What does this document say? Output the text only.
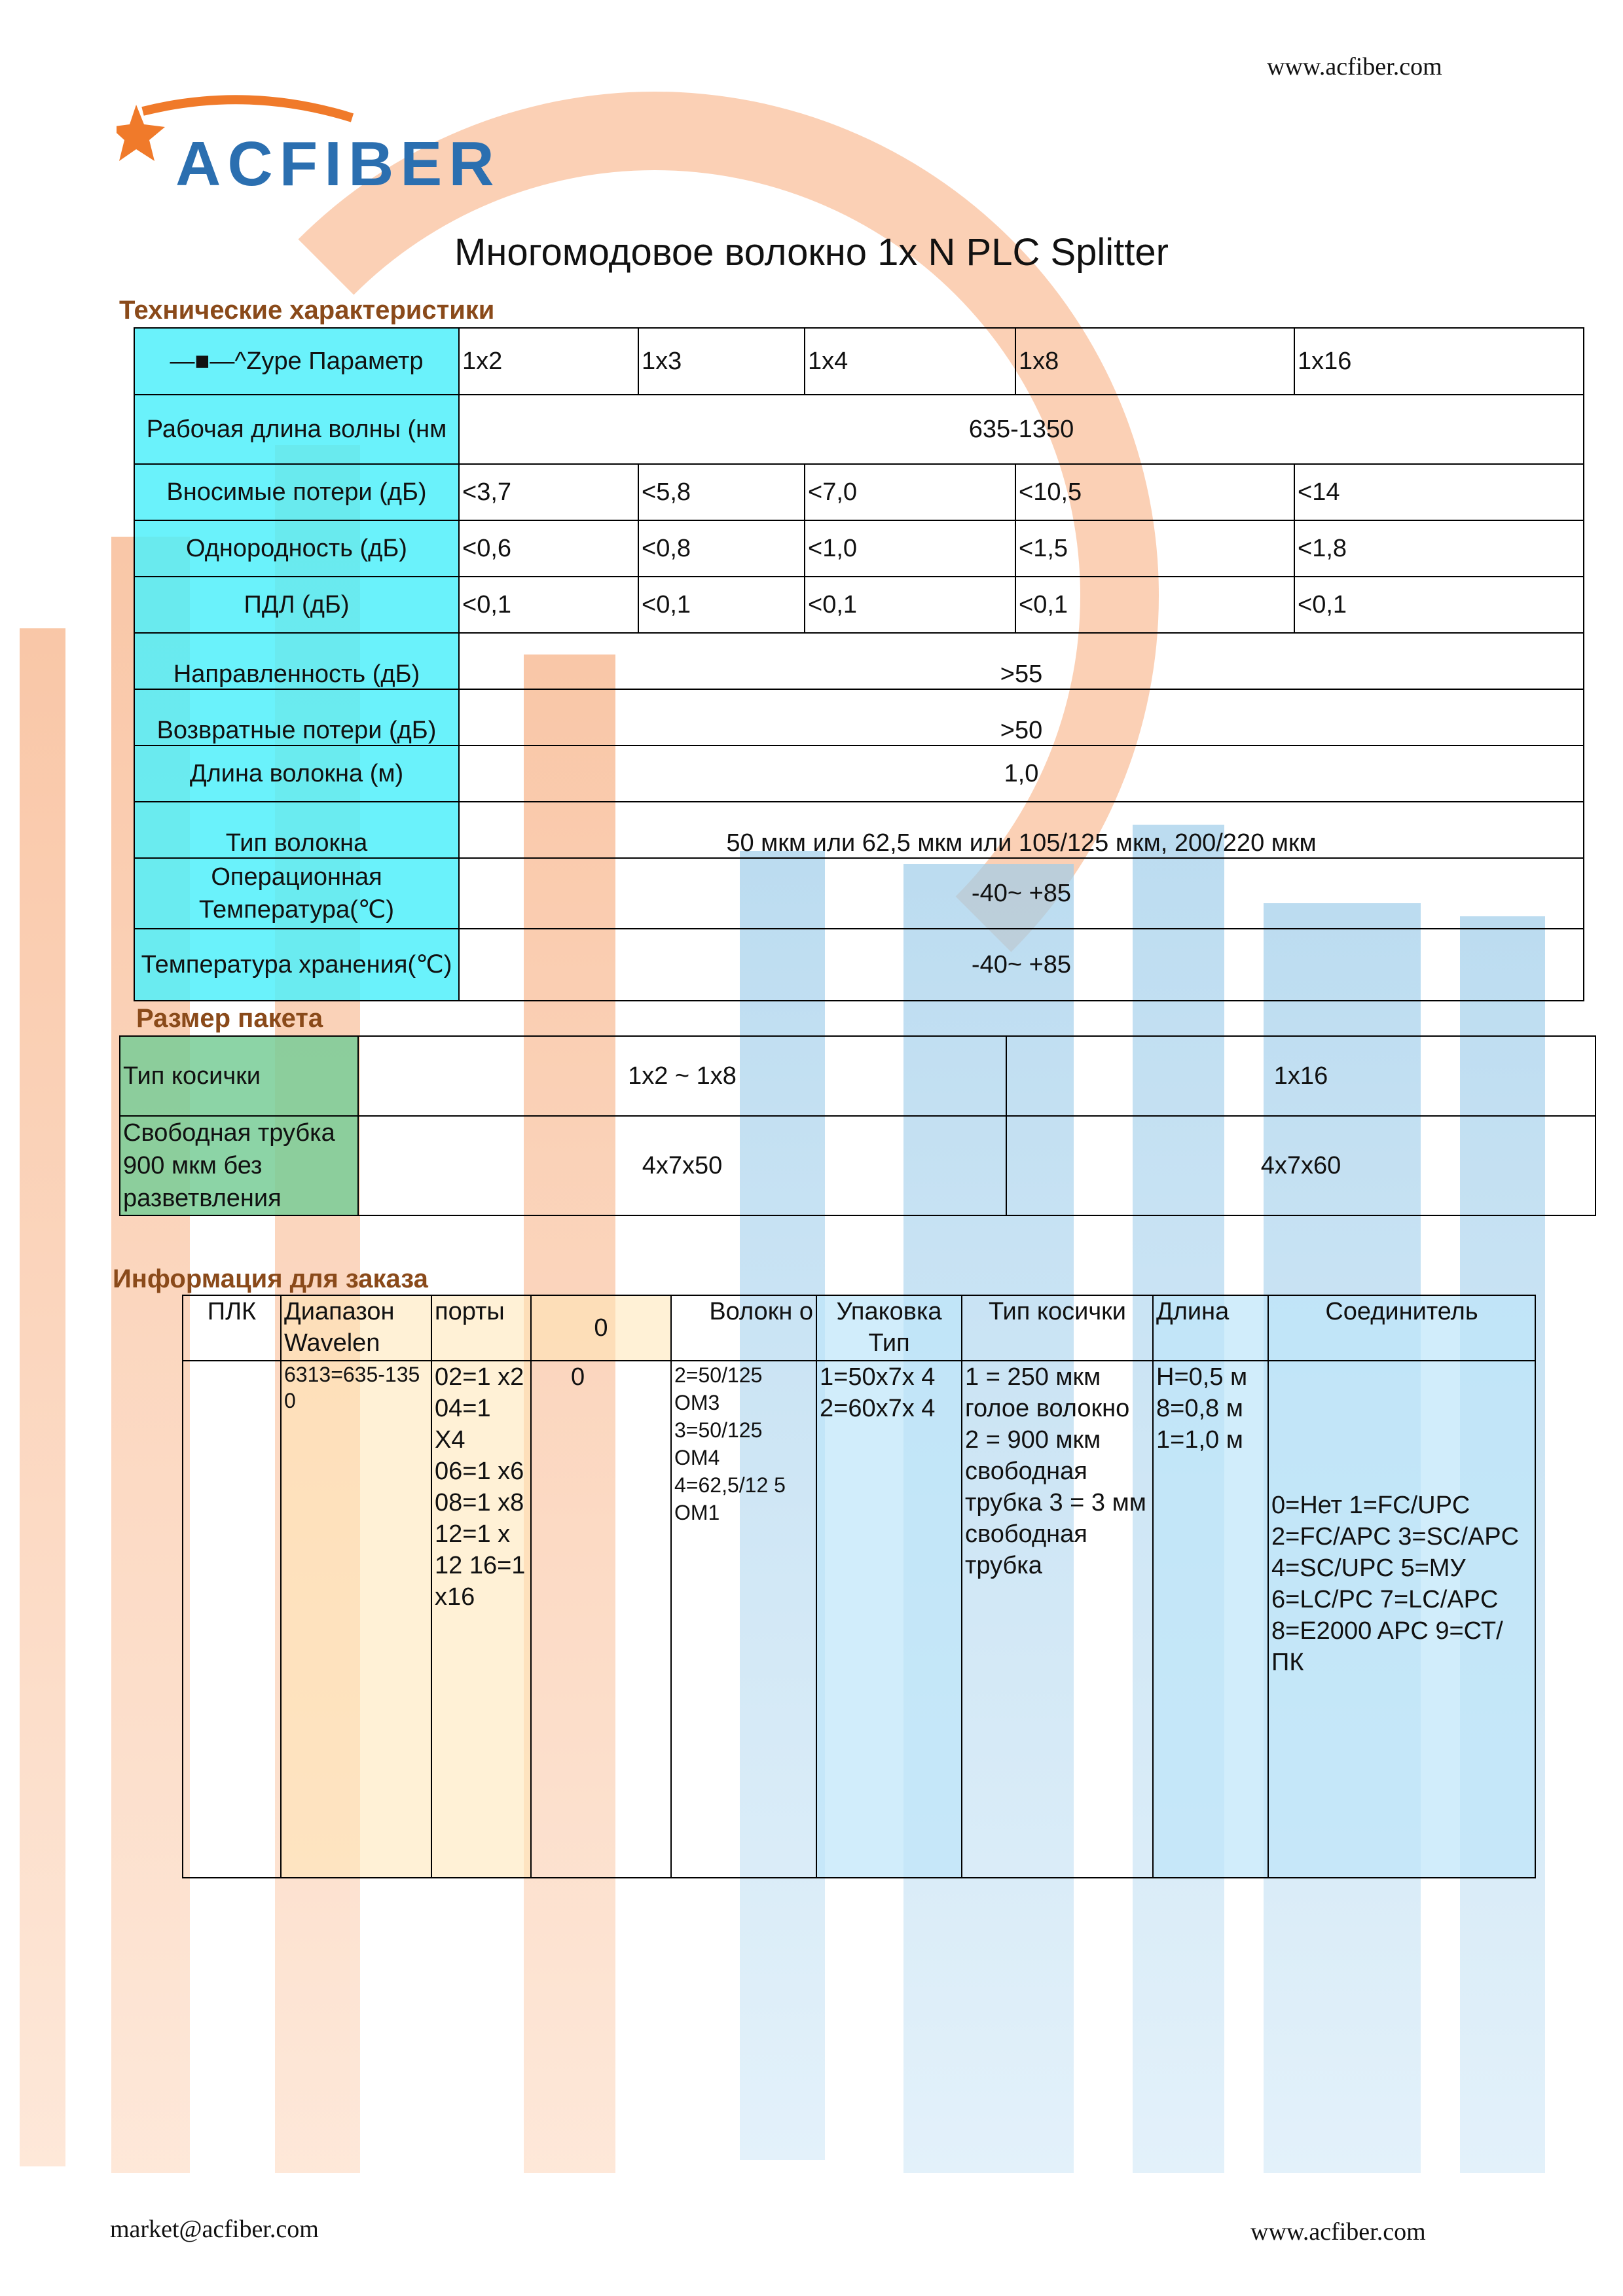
www.acfiber.com
ACFIBER
Многомодовое волокно 1x N PLC Splitter
Технические характеристики
—■—^Zype Параметр	1x2	1x3	1x4	1x8	1x16
Рабочая длина волны (нм	635-1350				
Вносимые потери (дБ)	<3,7	<5,8	<7,0	<10,5	<14
Однородность (дБ)	<0,6	<0,8	<1,0	<1,5	<1,8
ПДЛ (дБ)	<0,1	<0,1	<0,1	<0,1	<0,1
Направленность (дБ)	>55				
Возвратные потери (дБ)	>50				
Длина волокна (м)	1,0				
Тип волокна	50 мкм или 62,5 мкм или 105/125 мкм, 200/220 мкм				
Операционная Температура(℃)	-40~ +85				
Температура хранения(℃)	-40~ +85				
Размер пакета
Тип косички	1x2 ~ 1x8	1x16
Свободная трубка 900 мкм без разветвления	4x7x50	4x7x60
Информация для заказа
ПЛК	Диапазон Wavelen	порты	0	Волокн о	Упаковка Тип	Тип косички	Длина	Соединитель
	6313=635-1350	02=1 x2 04=1 X4 06=1 x6 08=1 x8 12=1 x 12 16=1 x16	0	2=50/125 OM3 3=50/125 OM4 4=62,5/12 5 OM1	1=50x7x 4 2=60x7x 4	1 = 250 мкм голое волокно 2 = 900 мкм свободная трубка 3 = 3 мм свободная трубка	Н=0,5 м 8=0,8 м 1=1,0 м	0=Нет 1=FC/UPC 2=FC/APC 3=SC/APC 4=SC/UPC 5=МУ 6=LC/PC 7=LC/APC 8=E2000 APC 9=СТ/ПК
market@acfiber.com	www.acfiber.com
